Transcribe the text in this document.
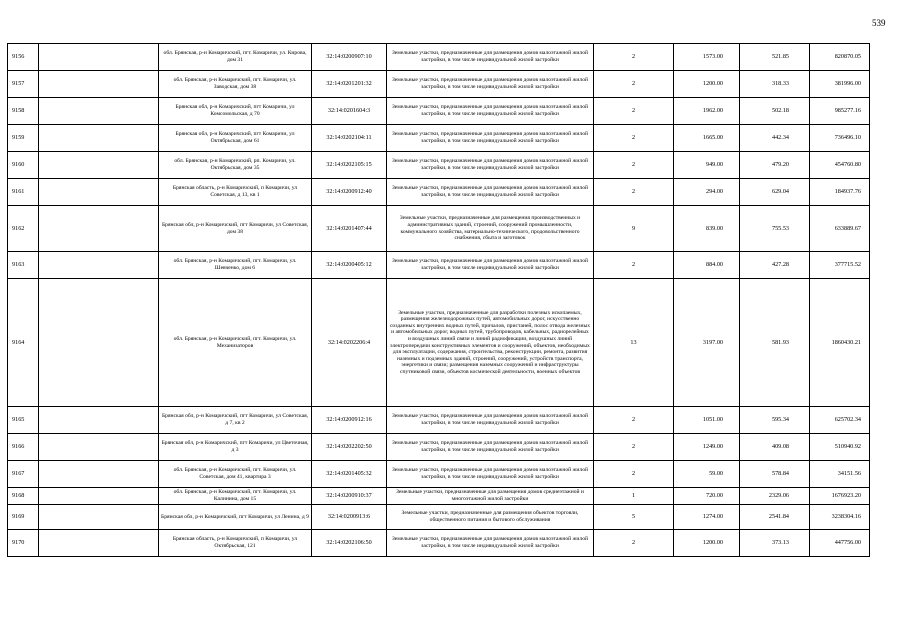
539
9156		обл. Брянская, р-н Комаричский, пгт. Комаричи, ул. Кирова, дом 31	32:14:0200907:10	Земельные участки, предназначенные для размещения домов малоэтажной жилой застройки, в том числе индивидуальной жилой застройки	2	1573.00	521.85	820870.05
9157		обл. Брянская, р-н Комаричский, пгт. Комаричи, ул. Заводская, дом 38	32:14:0201201:32	Земельные участки, предназначенные для размещения домов малоэтажной жилой застройки, в том числе индивидуальной жилой застройки	2	1200.00	318.33	381996.00
9158		Брянская обл, р-н Комаричский, пгт Комаричи, ул Комсомольская, д 70	32:14:0201604:3	Земельные участки, предназначенные для размещения домов малоэтажной жилой застройки, в том числе индивидуальной жилой застройки	2	1962.00	502.18	985277.16
9159		Брянская обл, р-н Комаричский, пгт Комаричи, ул Октябрьская, дом 61	32:14:0202104:11	Земельные участки, предназначенные для размещения домов малоэтажной жилой застройки, в том числе индивидуальной жилой застройки	2	1665.00	442.34	736496.10
9160		обл. Брянская, р-н Комаричский, рп. Комаричи, ул. Октябрьская, дом 35	32:14:0202105:15	Земельные участки, предназначенные для размещения домов малоэтажной жилой застройки, в том числе индивидуальной жилой застройки	2	949.00	479.20	454760.80
9161		Брянская область, р-н Комаричский, п Комаричи, ул Советская, д 13, кв 1	32:14:0200912:40	Земельные участки, предназначенные для размещения домов малоэтажной жилой застройки, в том числе индивидуальной жилой застройки	2	294.00	629.04	184937.76
9162		Брянская обл, р-н Комаричский, пгт Комаричи, ул Советская, дом 38	32:14:0201407:44	Земельные участки, предназначенные для размещения производственных и административных зданий, строений, сооружений промышленности, коммунального хозяйства, материально-технического, продовольственного снабжения, сбыта и заготовок	9	839.00	755.53	633889.67
9163		обл. Брянская, р-н Комаричский, пгт. Комаричи, ул. Шевченко, дом 6	32:14:0200405:12	Земельные участки, предназначенные для размещения домов малоэтажной жилой застройки, в том числе индивидуальной жилой застройки	2	884.00	427.28	377715.52
9164		обл. Брянская, р-н Комаричский, пгт. Комаричи, ул. Механизаторов	32:14:0202206:4	Земельные участки, предназначенные для разработки полезных ископаемых, размещения железнодорожных путей, автомобильных дорог, искусственно созданных внутренних водных путей, причалов, пристаней, полос отвода железных и автомобильных дорог, водных путей, трубопроводов, кабельных, радиорелейных и воздушных линий связи и линий радиофикации, воздушных линий электропередачи конструктивных элементов и сооружений, объектов, необходимых для эксплуатации, содержания, строительства, реконструкции, ремонта, развития наземных и подземных зданий, строений, сооружений, устройств транспорта, энергетики и связи; размещения наземных сооружений и инфраструктуры спутниковой связи, объектов космической деятельности, военных объектов	13	3197.00	581.93	1860430.21
9165		Брянская обл, р-н Комаричский, пгт Комаричи, ул Советская, д 7, кв 2	32:14:0200912:16	Земельные участки, предназначенные для размещения домов малоэтажной жилой застройки, в том числе индивидуальной жилой застройки	2	1051.00	595.34	625702.34
9166		Брянская обл, р-н Комаричский, пгт Комаричи, ул Цветочная, д 3	32:14:0202202:50	Земельные участки, предназначенные для размещения домов малоэтажной жилой застройки, в том числе индивидуальной жилой застройки	2	1249.00	409.08	510940.92
9167		обл. Брянская, р-н Комаричский, пгт. Комаричи, ул. Советская, дом 41, квартира 3	32:14:0201405:32	Земельные участки, предназначенные для размещения домов малоэтажной жилой застройки, в том числе индивидуальной жилой застройки	2	59.00	578.84	34151.56
9168		обл. Брянская, р-н Комаричский, пгт. Комаричи, ул. Калинина, дом 15	32:14:0200910:37	Земельные участки, предназначенные для размещения домов среднеэтажной и многоэтажной жилой застройки	1	720.00	2329.06	1676923.20
9169		Брянская обл, р-н Комаричский, пгт Комаричи, ул Ленина, д 9	32:14:0200913:6	Земельные участки, предназначенные для размещения объектов торговли, общественного питания и бытового обслуживания	5	1274.00	2541.84	3238304.16
9170		Брянская область, р-н Комаричский, п Комаричи, ул Октябрьская, 121	32:14:0202106:50	Земельные участки, предназначенные для размещения домов малоэтажной жилой застройки, в том числе индивидуальной жилой застройки	2	1200.00	373.13	447756.00
